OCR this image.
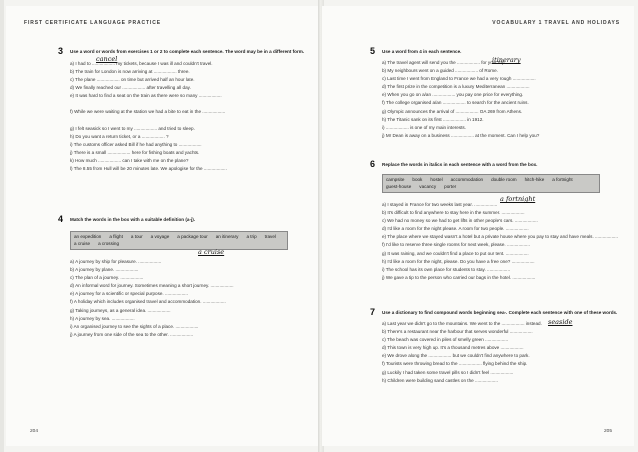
FIRST CERTIFICATE LANGUAGE PRACTICE
3 Use a word or words from exercises 1 or 2 to complete each sentence. The word may be in a different form.
cancel
a) I had to .................. my tickets, because I was ill and couldn't travel.
b) The train for London is now arriving at .................. three.
c) The plane .................. on time but arrived half an hour late.
d) We finally reached our .................. after travelling all day.
e) It was hard to find a seat on the train as there were so many ..................
f) While we were waiting at the station we had a bite to eat in the ..................
g) I felt seasick so I went to my .................. and tried to sleep.
h) Do you want a return ticket, or a .................. ?
i) The customs officer asked Bill if he had anything to ..................
j) There is a small .................. here for fishing boats and yachts.
k) How much .................. can I take with me on the plane?
l) The 8.55 from Hull will be 20 minutes late. We apologise for the ..................
4 Match the words in the box with a suitable definition (a-j).
an expedition a flight a tour a voyage a package tour an itinerary a trip travel
a cruise a crossing
a cruise
a) A journey by ship for pleasure. ..................
b) A journey by plane. ..................
c) The plan of a journey. ..................
d) An informal word for journey. Sometimes meaning a short journey. ..................
e) A journey for a scientific or special purpose. ..................
f) A holiday which includes organised travel and accommodation. ..................
g) Taking journeys, as a general idea. ..................
h) A journey by sea. ..................
i) An organised journey to see the sights of a place. ..................
j) A journey from one side of the sea to the other. ..................
204
VOCABULARY 1 TRAVEL AND HOLIDAYS
5 Use a word from 4 in each sentence.
itinerary
a) The travel agent will send you the .................. for your trip.
b) My neighbours went on a guided .................. of Rome.
c) Last time I went from England to France we had a very rough ..................
d) The first prize in the competition is a luxury Mediterranean ..................
e) When you go on a/an .................. you pay one price for everything.
f) The college organised a/an .................. to search for the ancient ruins.
g) Olympic announces the arrival of .................. OA 269 from Athens.
h) The Titanic sank on its first .................. in 1912.
i) .................. is one of my main interests.
j) Mr Dean is away on a business .................. at the moment. Can I help you?
6 Replace the words in italics in each sentence with a word from the box.
campsite book hostel accommodation double room hitch-hike a fortnight
guest-house vacancy porter
a fortnight
a) I stayed in France for two weeks last year. ..................
b) It's difficult to find anywhere to stay here in the summer. ..................
c) We had no money so we had to get lifts in other people's cars. ..................
d) I'd like a room for the night please. A room for two people. ..................
e) The place where we stayed wasn't a hotel but a private house where you pay to stay and have meals. ..................
f) I'd like to reserve three single rooms for next week, please. ..................
g) It was raining, and we couldn't find a place to put our tent. ..................
h) I'd like a room for the night, please. Do you have a free one? ..................
i) The school has its own place for students to stay. ..................
j) We gave a tip to the person who carried our bags in the hotel. ..................
7 Use a dictionary to find compound words beginning sea-. Complete each sentence with one of these words.
seaside
a) Last year we didn't go to the mountains. We went to the .................. instead.
b) There's a restaurant near the harbour that serves wonderful ..................
c) The beach was covered in piles of smelly green ..................
d) This town is very high up. It's a thousand metres above ..................
e) We drove along the .................. but we couldn't find anywhere to park.
f) Tourists were throwing bread to the .................. flying behind the ship.
g) Luckily I had taken some travel pills so I didn't feel ..................
h) Children were building sand castles on the ..................
205
